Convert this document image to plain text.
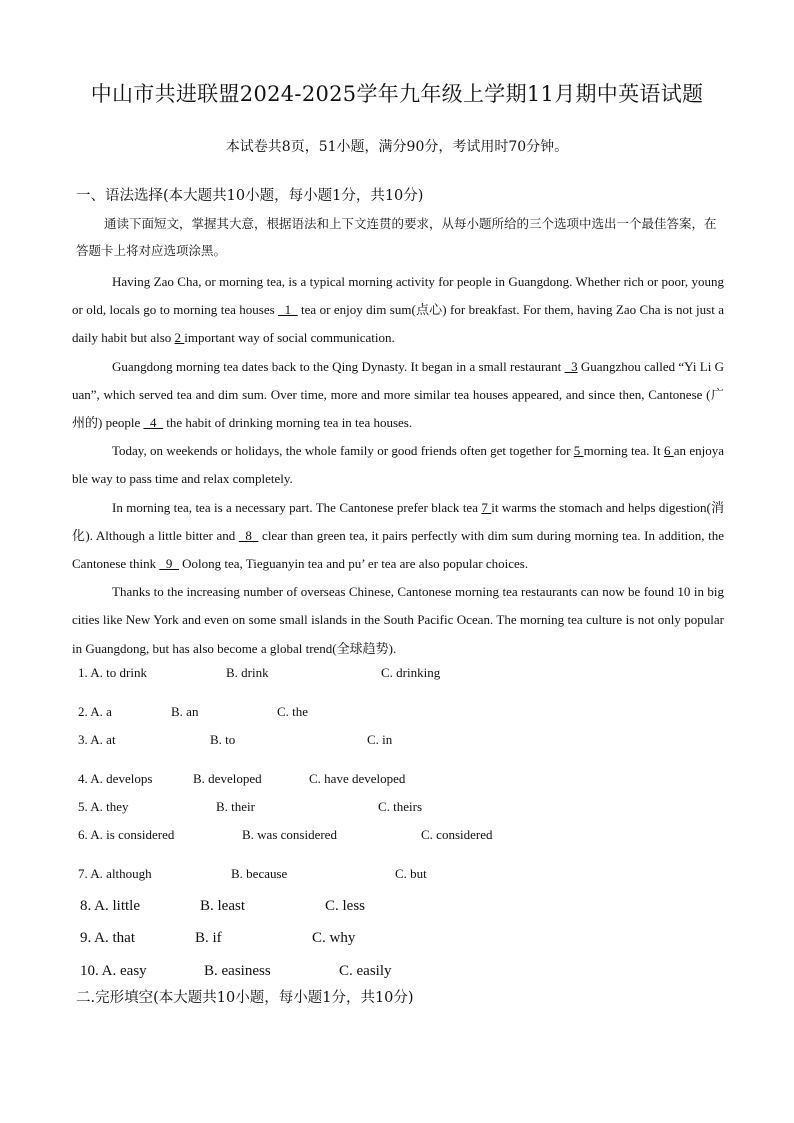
中山市共进联盟2024-2025学年九年级上学期11月期中英语试题
本试卷共8页，51小题，满分90分，考试用时70分钟。
一、语法选择(本大题共10小题，每小题1分，共10分)
通读下面短文，掌握其大意，根据语法和上下文连贯的要求，从每小题所给的三个选项中选出一个最佳答案，在答题卡上将对应选项涂黑。

Having Zao Cha, or morning tea, is a typical morning activity for people in Guangdong. Whether rich or poor, young or old, locals go to morning tea houses _1_ tea or enjoy dim sum(点心) for breakfast. For them, having Zao Cha is not just a daily habit but also 2 important way of social communication.

Guangdong morning tea dates back to the Qing Dynasty. It began in a small restaurant _3 Guangzhou called “Yi Li Guan”, which served tea and dim sum. Over time, more and more similar tea houses appeared, and since then, Cantonese (广州的) people _4_ the habit of drinking morning tea in tea houses.

Today, on weekends or holidays, the whole family or good friends often get together for 5 morning tea. It 6 an enjoyable way to pass time and relax completely.

In morning tea, tea is a necessary part. The Cantonese prefer black tea 7 it warms the stomach and helps digestion(消化). Although a little bitter and _8_ clear than green tea, it pairs perfectly with dim sum during morning tea. In addition, the Cantonese think _9_ Oolong tea, Tieguanyin tea and pu’ er tea are also popular choices.

Thanks to the increasing number of overseas Chinese, Cantonese morning tea restaurants can now be found 10 in big cities like New York and even on some small islands in the South Pacific Ocean. The morning tea culture is not only popular in Guangdong, but has also become a global trend(全球趋势).

1. A. to drink	B. drink	C. drinking
2. A. a	B. an	C. the
3. A. at	B. to	C. in
4. A. develops	B. developed	C. have developed
5. A. they	B. their	C. theirs
6. A. is considered	B. was considered	C. considered
7. A. although	B. because	C. but
8. A. little	B. least	C. less
9. A. that	B. if	C. why
10. A. easy	B. easiness	C. easily
二.完形填空(本大题共10小题，每小题1分，共10分)
